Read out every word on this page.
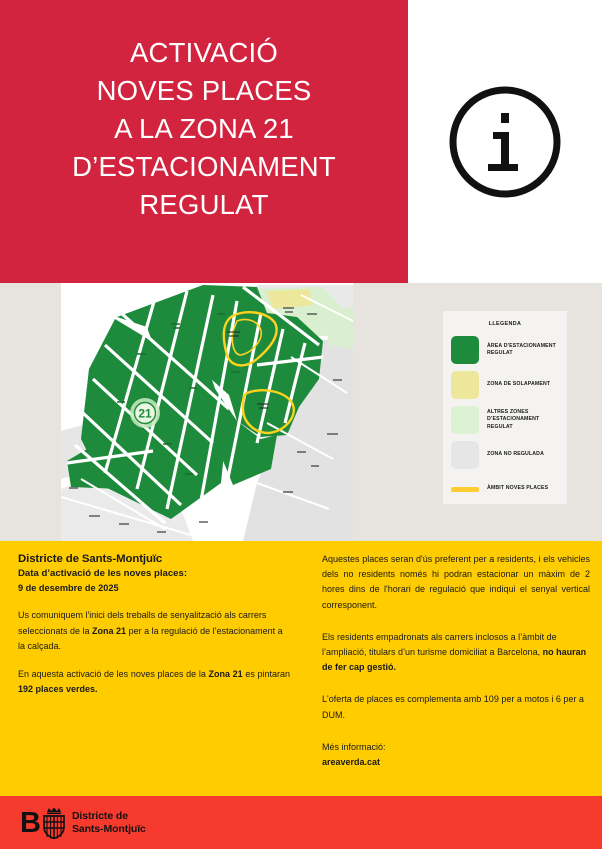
ACTIVACIÓ
NOVES PLACES
A LA ZONA 21
D’ESTACIONAMENT
REGULAT
21
LLEGENDA
ÀREA D’ESTACIONAMENT REGULAT
ZONA DE SOLAPAMENT
ALTRES ZONES D’ESTACIONAMENT REGULAT
ZONA NO REGULADA
ÀMBIT NOVES PLACES
Districte de Sants-Montjuïc
Data d’activació de les noves places:
9 de desembre de 2025
Us comuniquem l'inici dels treballs de senyalització als carrers seleccionats de la Zona 21 per a la regulació de l’estacionament a la calçada.
En aquesta activació de les noves places de la Zona 21 es pintaran 192 places verdes.
Aquestes places seran d'ús preferent per a residents, i els vehicles dels no residents només hi podran estacionar un màxim de 2 hores dins de l'horari de regulació que indiqui el senyal vertical corresponent.
Els residents empadronats als carrers inclosos a l’àmbit de l’ampliació, titulars d’un turisme domiciliat a Barcelona, no hauran de fer cap gestió.
L'oferta de places es complementa amb 109 per a motos i 6 per a DUM.
Més informació:
areaverda.cat
B	Districte de
Sants-Montjuïc
